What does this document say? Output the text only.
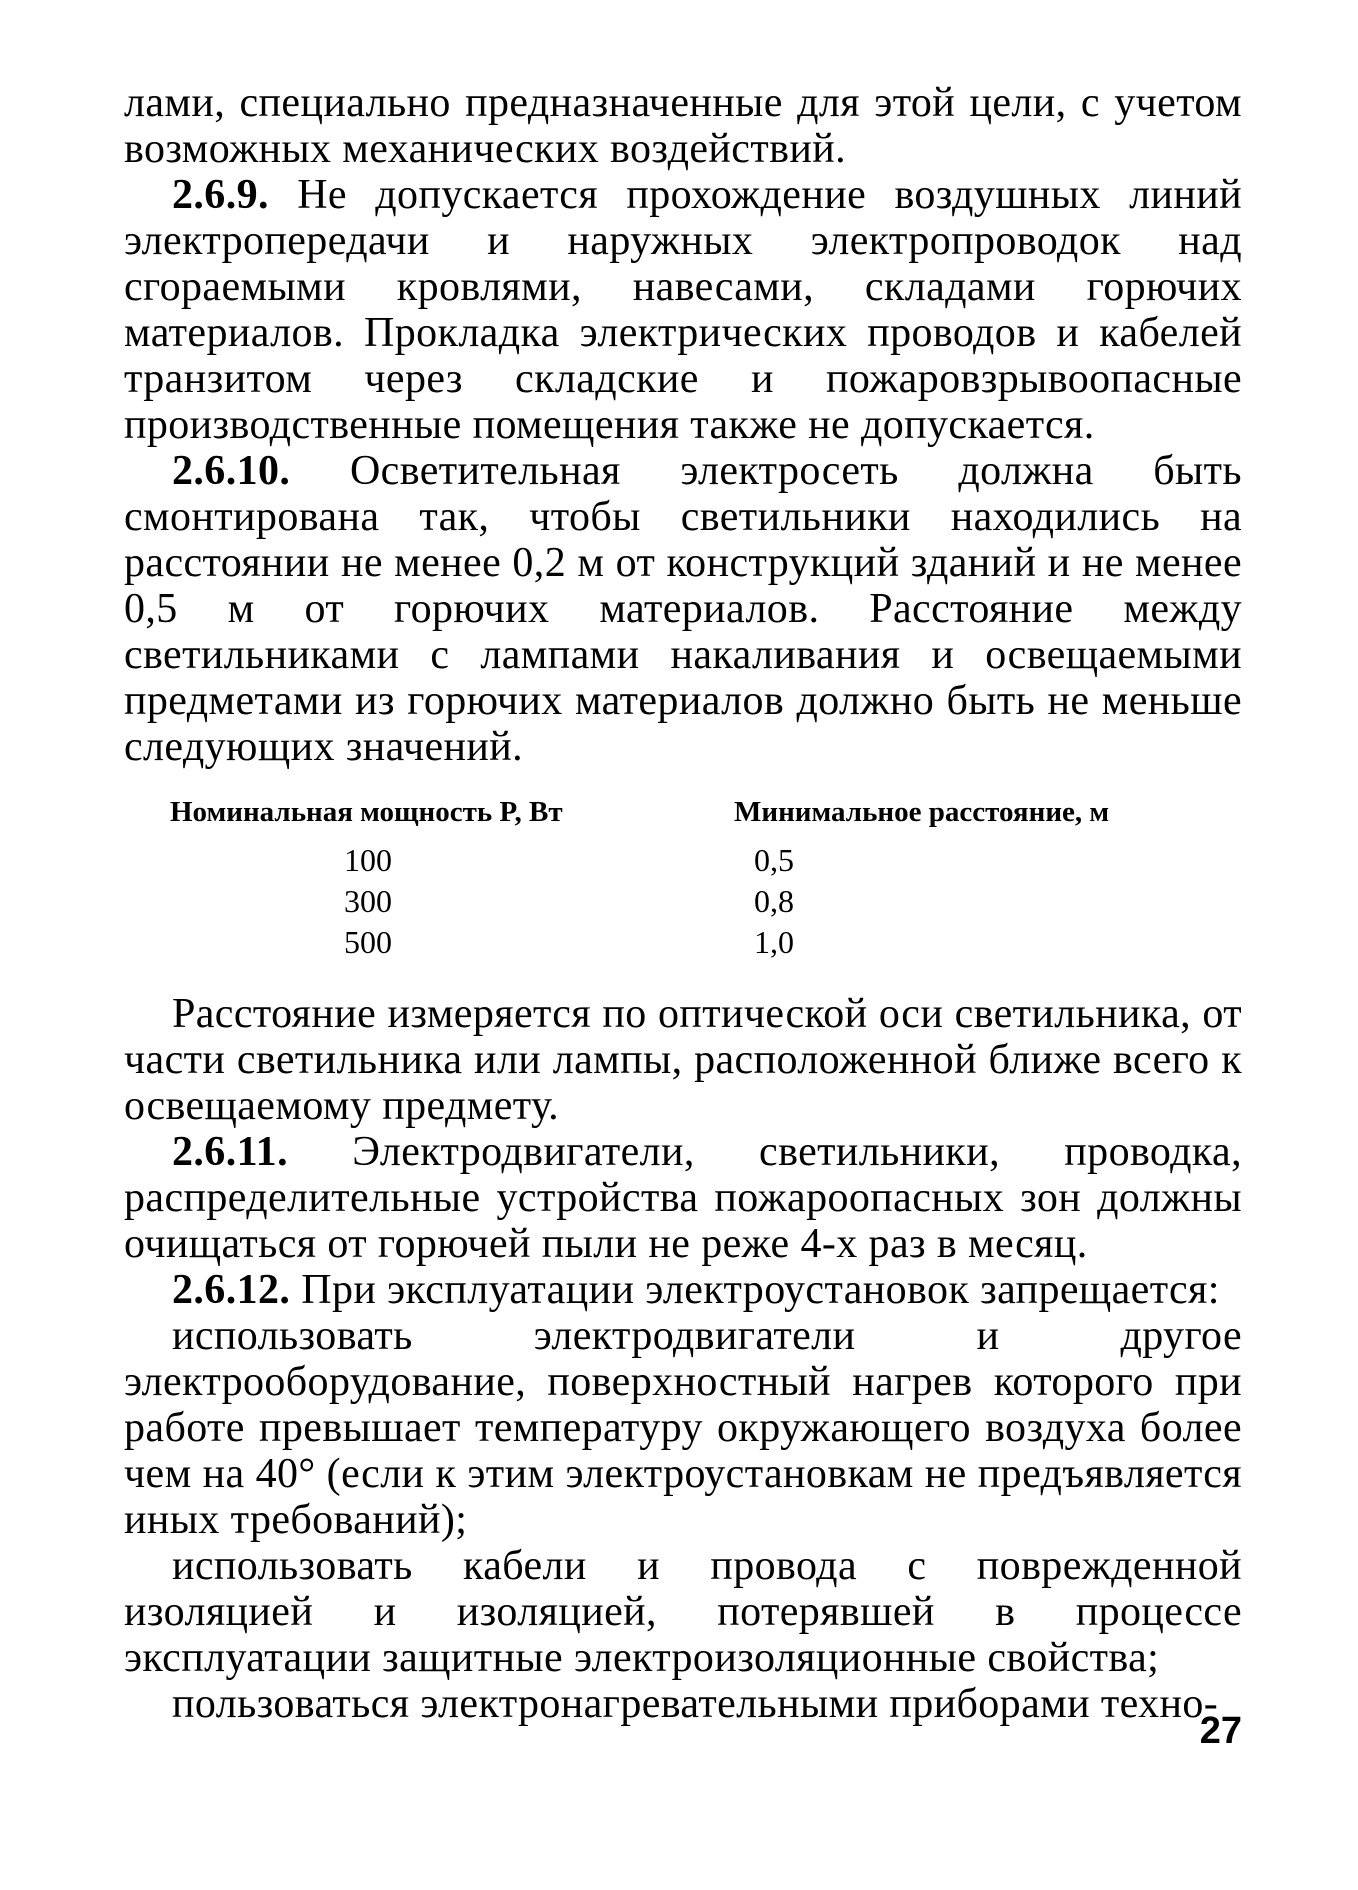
лами, специально предназначенные для этой цели, с учетом возможных механических воздействий.

2.6.9. Не допускается прохождение воздушных линий электропередачи и наружных электропроводок над сгораемыми кровлями, навесами, складами горючих материалов. Прокладка электрических проводов и кабелей транзитом через складские и пожаровзрывоопасные производственные помещения также не допускается.

2.6.10. Осветительная электросеть должна быть смонтирована так, чтобы светильники находились на расстоянии не менее 0,2 м от конструкций зданий и не менее 0,5 м от горючих материалов. Расстояние между светильниками с лампами накаливания и освещаемыми предметами из горючих материалов должно быть не меньше следующих значений.

Номинальная мощность P, Вт	Минимальное расстояние, м
100	0,5
300	0,8
500	1,0

Расстояние измеряется по оптической оси светильника, от части светильника или лампы, расположенной ближе всего к освещаемому предмету.

2.6.11. Электродвигатели, светильники, проводка, распределительные устройства пожароопасных зон должны очищаться от горючей пыли не реже 4-х раз в месяц.

2.6.12. При эксплуатации электроустановок запрещается:

использовать электродвигатели и другое электрооборудование, поверхностный нагрев которого при работе превышает температуру окружающего воздуха более чем на 40° (если к этим электроустановкам не предъявляется иных требований);

использовать кабели и провода с поврежденной изоляцией и изоляцией, потерявшей в процессе эксплуатации защитные электроизоляционные свойства;

пользоваться электронагревательными приборами техно-

27
